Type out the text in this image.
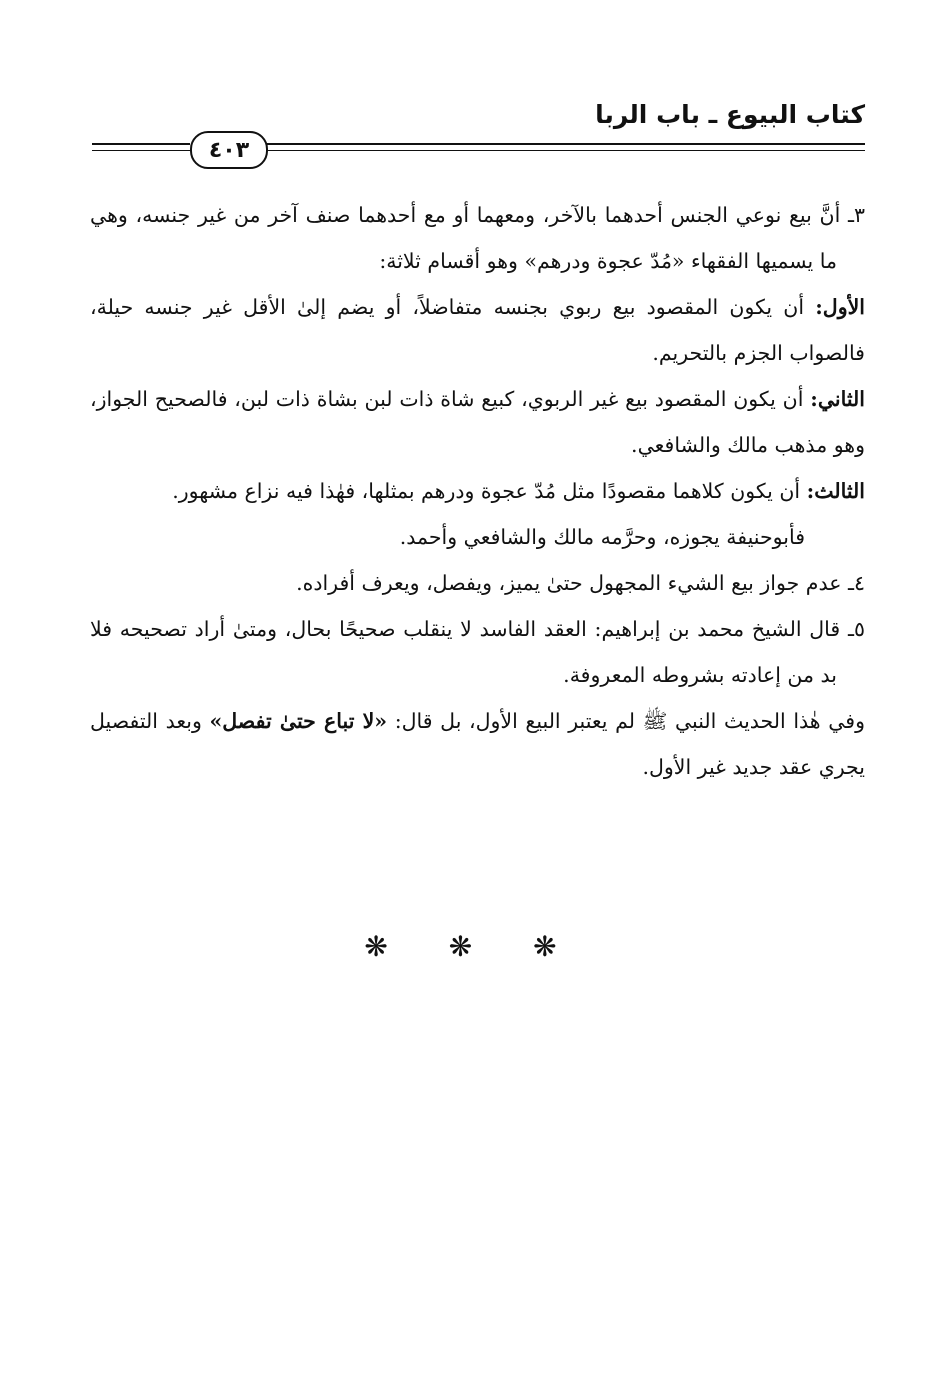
كتاب البيوع ـ باب الربا
٤٠٣

٣ـ أنَّ بيع نوعي الجنس أحدهما بالآخر، ومعهما أو مع أحدهما صنف آخر من غير جنسه، وهي ما يسميها الفقهاء «مُدّ عجوة ودرهم» وهو أقسام ثلاثة:

الأول: أن يكون المقصود بيع ربوي بجنسه متفاضلاً، أو يضم إلىٰ الأقل غير جنسه حيلة، فالصواب الجزم بالتحريم.

الثاني: أن يكون المقصود بيع غير الربوي، كبيع شاة ذات لبن بشاة ذات لبن، فالصحيح الجواز، وهو مذهب مالك والشافعي.

الثالث: أن يكون كلاهما مقصودًا مثل مُدّ عجوة ودرهم بمثلها، فهٰذا فيه نزاع مشهور.

فأبوحنيفة يجوزه، وحرَّمه مالك والشافعي وأحمد.

٤ـ عدم جواز بيع الشيء المجهول حتىٰ يميز، ويفصل، ويعرف أفراده.

٥ـ قال الشيخ محمد بن إبراهيم: العقد الفاسد لا ينقلب صحيحًا بحال، ومتىٰ أراد تصحيحه فلا بد من إعادته بشروطه المعروفة.

وفي هٰذا الحديث النبي ﷺ لم يعتبر البيع الأول، بل قال: «لا تباع حتىٰ تفصل» وبعد التفصيل يجري عقد جديد غير الأول.

❋ ❋ ❋
